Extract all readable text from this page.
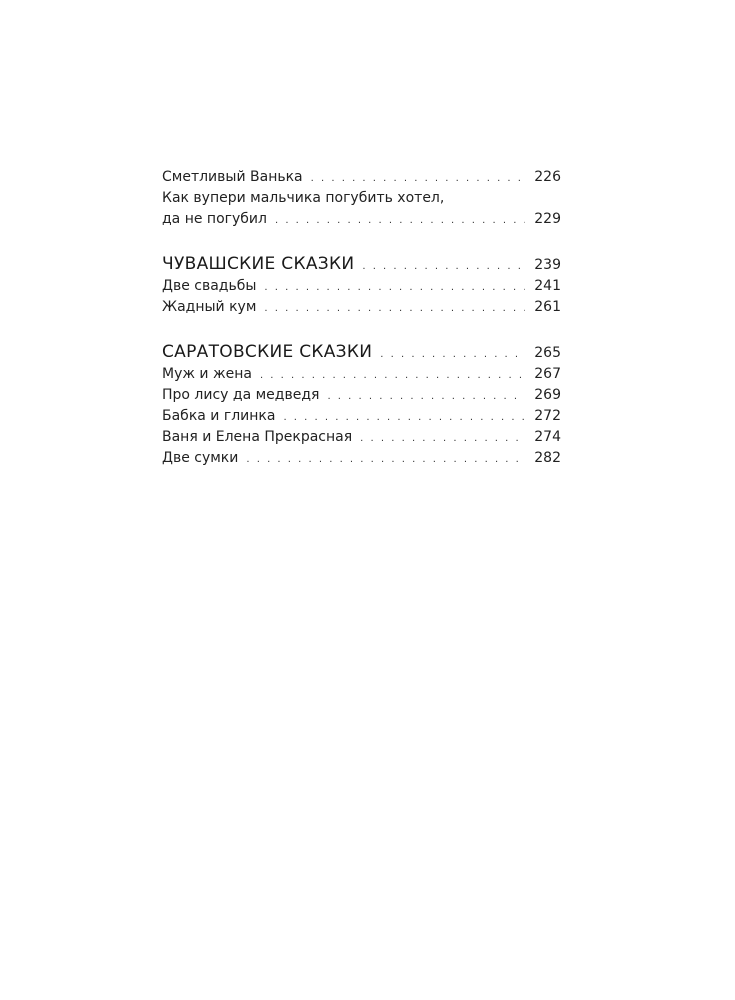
Сметливый Ванька . . .	226
Как вупери мальчика погубить хотел,
да не погубил . . .	229
ЧУВАШСКИЕ СКАЗКИ . . .	239
Две свадьбы . . .	241
Жадный кум . . .	261
САРАТОВСКИЕ СКАЗКИ . . .	265
Муж и жена . . .	267
Про лису да медведя . . .	269
Бабка и глинка . . .	272
Ваня и Елена Прекрасная . . .	274
Две сумки . . .	282
